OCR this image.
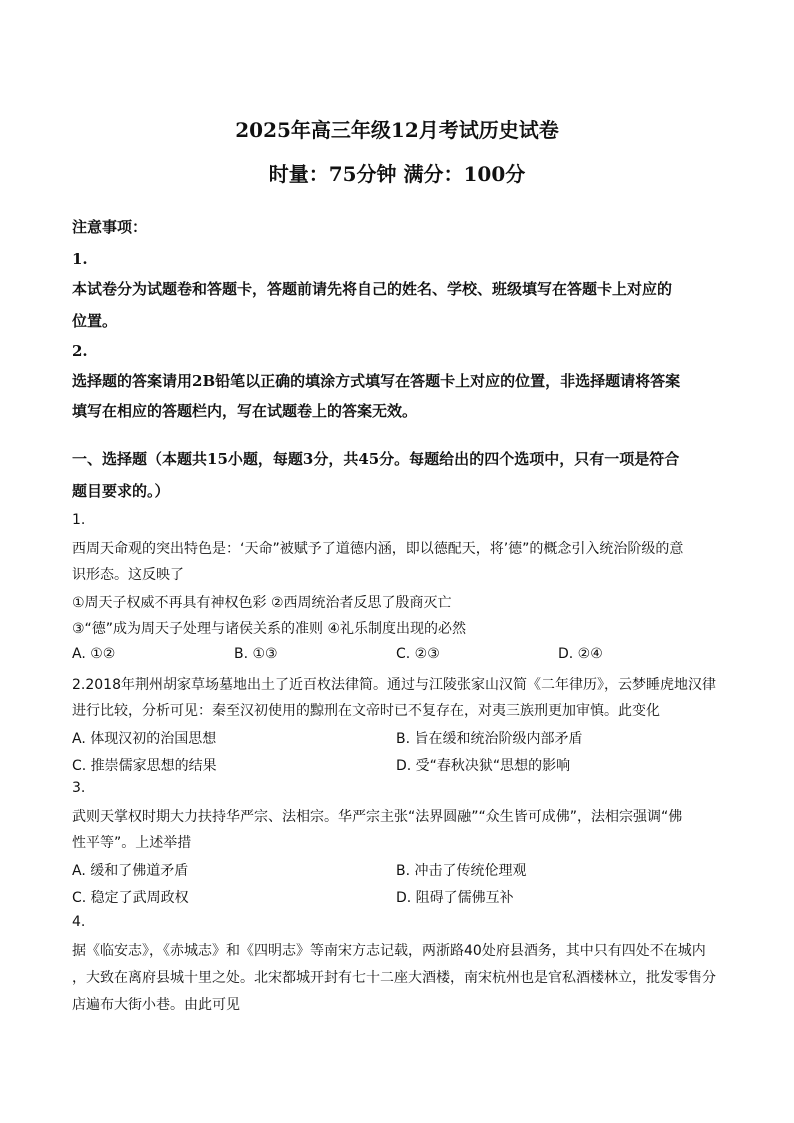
2025年高三年级12月考试历史试卷
时量：75分钟 满分：100分
注意事项：
1.
本试卷分为试题卷和答题卡，答题前请先将自己的姓名、学校、班级填写在答题卡上对应的
位置。
2.
选择题的答案请用2B铅笔以正确的填涂方式填写在答题卡上对应的位置，非选择题请将答案
填写在相应的答题栏内，写在试题卷上的答案无效。
一、选择题（本题共15小题，每题3分，共45分。每题给出的四个选项中，只有一项是符合
题目要求的。）
1.
西周天命观的突出特色是：‘天命”被赋予了道德内涵，即以德配天，将’德”的概念引入统治阶级的意
识形态。这反映了
①周天子权威不再具有神权色彩 ②西周统治者反思了殷商灭亡
③“德”成为周天子处理与诸侯关系的准则 ④礼乐制度出现的必然
A. ①②	B. ①③	C. ②③	D. ②④
2.2018年荆州胡家草场墓地出土了近百枚法律简。通过与江陵张家山汉简《二年律历》，云梦睡虎地汉律
进行比较，分析可见：秦至汉初使用的黥刑在文帝时已不复存在，对夷三族刑更加审慎。此变化
A. 体现汉初的治国思想	B. 旨在缓和统治阶级内部矛盾
C. 推崇儒家思想的结果	D. 受“春秋决狱“思想的影响
3.
武则天掌权时期大力扶持华严宗、法相宗。华严宗主张“法界圆融”“众生皆可成佛”，法相宗强调“佛
性平等”。上述举措
A. 缓和了佛道矛盾	B. 冲击了传统伦理观
C. 稳定了武周政权	D. 阻碍了儒佛互补
4.
据《临安志》，《赤城志》和《四明志》等南宋方志记载，两浙路40处府县酒务，其中只有四处不在城内
，大致在离府县城十里之处。北宋都城开封有七十二座大酒楼，南宋杭州也是官私酒楼林立，批发零售分
店遍布大街小巷。由此可见
